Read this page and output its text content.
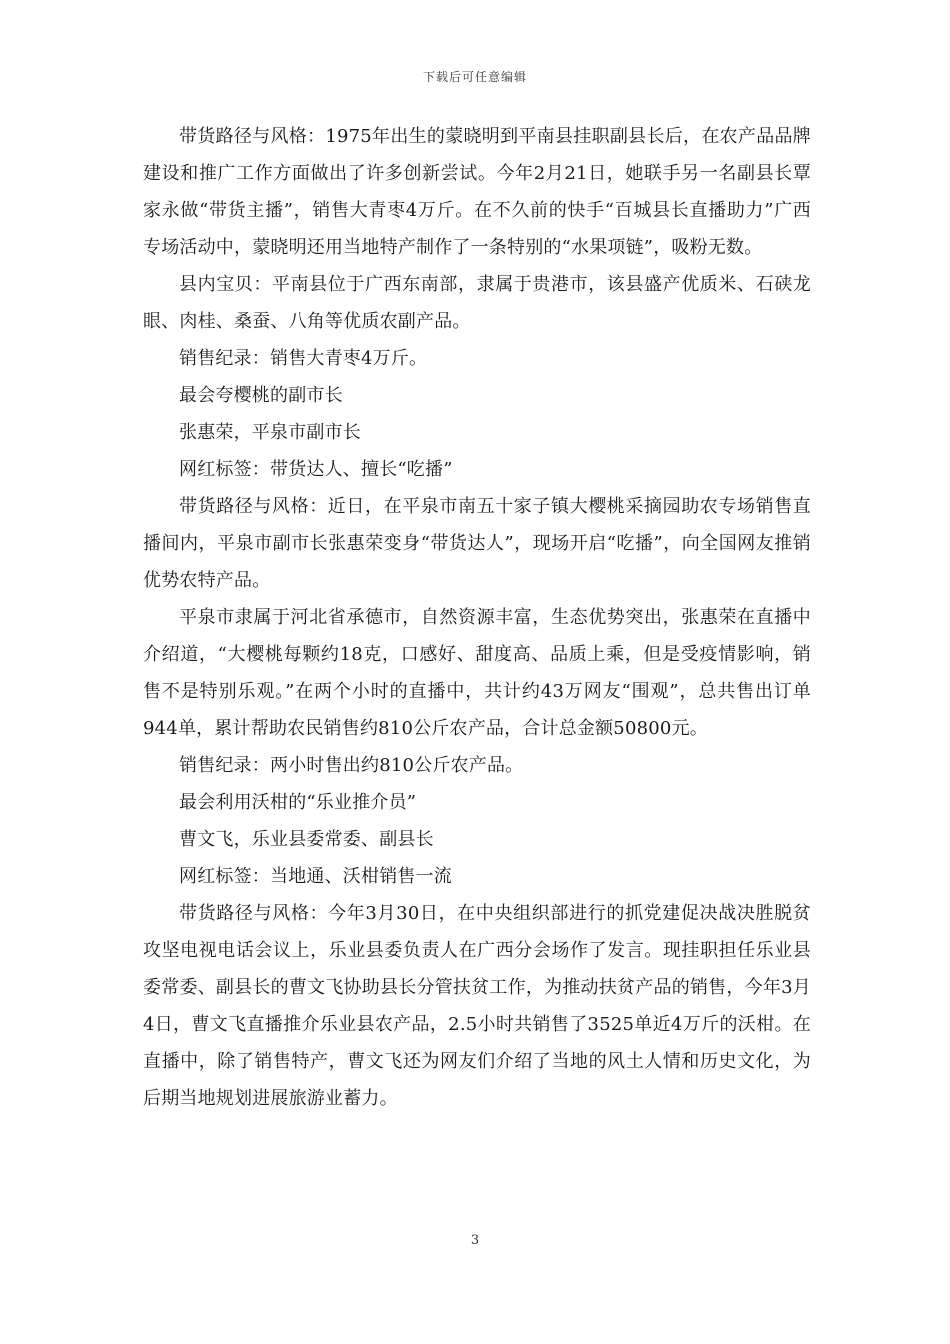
下载后可任意编辑

带货路径与风格：1975年出生的蒙晓明到平南县挂职副县长后，在农产品品牌建设和推广工作方面做出了许多创新尝试。今年2月21日，她联手另一名副县长覃家永做“带货主播”，销售大青枣4万斤。在不久前的快手“百城县长直播助力”广西专场活动中，蒙晓明还用当地特产制作了一条特别的“水果项链”，吸粉无数。

县内宝贝：平南县位于广西东南部，隶属于贵港市，该县盛产优质米、石硖龙眼、肉桂、桑蚕、八角等优质农副产品。

销售纪录：销售大青枣4万斤。

最会夸樱桃的副市长

张惠荣，平泉市副市长

网红标签：带货达人、擅长“吃播”

带货路径与风格：近日，在平泉市南五十家子镇大樱桃采摘园助农专场销售直播间内，平泉市副市长张惠荣变身“带货达人”，现场开启“吃播”，向全国网友推销优势农特产品。

平泉市隶属于河北省承德市，自然资源丰富，生态优势突出，张惠荣在直播中介绍道，“大樱桃每颗约18克，口感好、甜度高、品质上乘，但是受疫情影响，销售不是特别乐观。”在两个小时的直播中，共计约43万网友“围观”，总共售出订单944单，累计帮助农民销售约810公斤农产品，合计总金额50800元。

销售纪录：两小时售出约810公斤农产品。

最会利用沃柑的“乐业推介员”

曹文飞，乐业县委常委、副县长

网红标签：当地通、沃柑销售一流

带货路径与风格：今年3月30日，在中央组织部进行的抓党建促决战决胜脱贫攻坚电视电话会议上，乐业县委负责人在广西分会场作了发言。现挂职担任乐业县委常委、副县长的曹文飞协助县长分管扶贫工作，为推动扶贫产品的销售，今年3月4日，曹文飞直播推介乐业县农产品，2.5小时共销售了3525单近4万斤的沃柑。在直播中，除了销售特产，曹文飞还为网友们介绍了当地的风土人情和历史文化，为后期当地规划进展旅游业蓄力。

3
